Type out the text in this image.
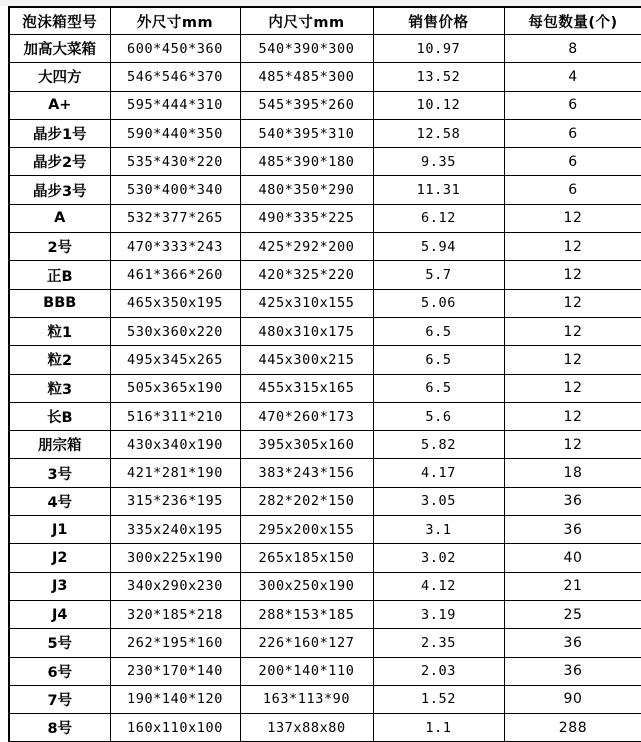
泡沫箱型号	外尺寸mm	内尺寸mm	销售价格	每包数量(个)
加高大菜箱	600*450*360	540*390*300	10.97	8
大四方	546*546*370	485*485*300	13.52	4
A+	595*444*310	545*395*260	10.12	6
晶步1号	590*440*350	540*395*310	12.58	6
晶步2号	535*430*220	485*390*180	9.35	6
晶步3号	530*400*340	480*350*290	11.31	6
A	532*377*265	490*335*225	6.12	12
2号	470*333*243	425*292*200	5.94	12
正B	461*366*260	420*325*220	5.7	12
BBB	465x350x195	425x310x155	5.06	12
粒1	530x360x220	480x310x175	6.5	12
粒2	495x345x265	445x300x215	6.5	12
粒3	505x365x190	455x315x165	6.5	12
长B	516*311*210	470*260*173	5.6	12
朋宗箱	430x340x190	395x305x160	5.82	12
3号	421*281*190	383*243*156	4.17	18
4号	315*236*195	282*202*150	3.05	36
J1	335x240x195	295x200x155	3.1	36
J2	300x225x190	265x185x150	3.02	40
J3	340x290x230	300x250x190	4.12	21
J4	320*185*218	288*153*185	3.19	25
5号	262*195*160	226*160*127	2.35	36
6号	230*170*140	200*140*110	2.03	36
7号	190*140*120	163*113*90	1.52	90
8号	160x110x100	137x88x80	1.1	288
